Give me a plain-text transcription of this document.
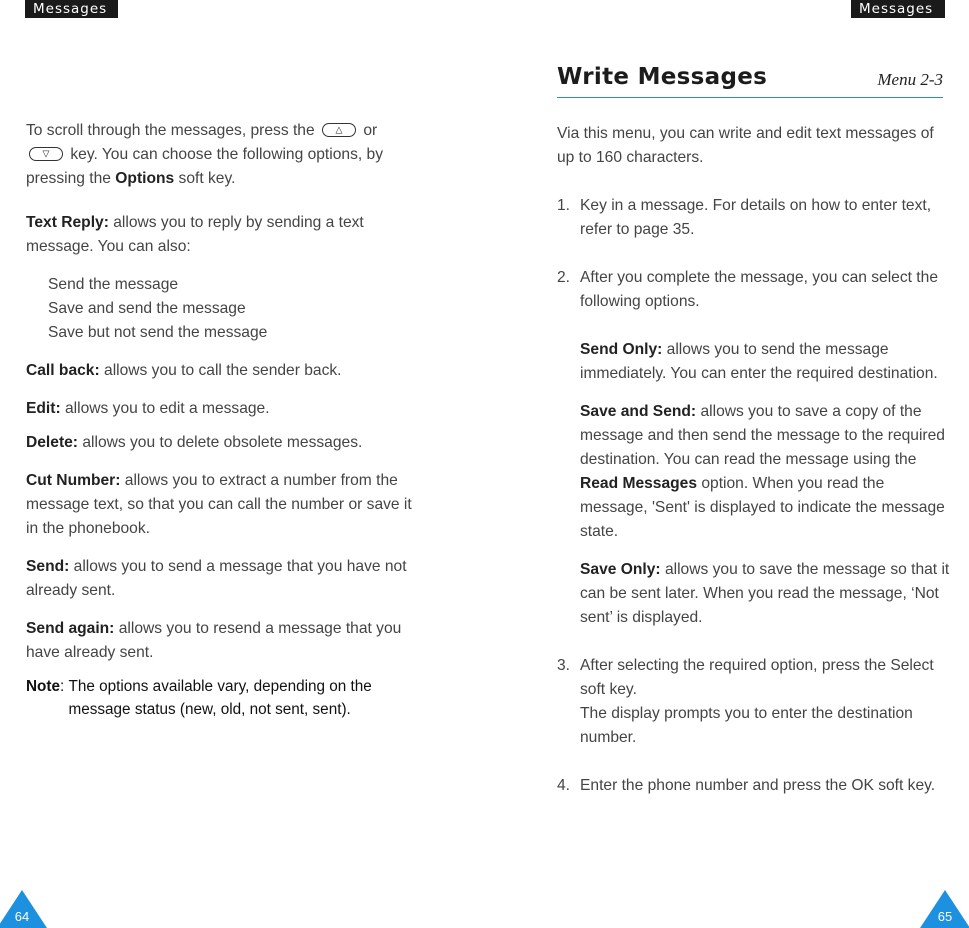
Messages	Messages

To scroll through the messages, press the △ or

▽ key. You can choose the following options, by pressing the Options soft key.

Text Reply: allows you to reply by sending a text message. You can also:

Send the message

Save and send the message

Save but not send the message

Call back: allows you to call the sender back.

Edit: allows you to edit a message.

Delete: allows you to delete obsolete messages.

Cut Number: allows you to extract a number from the message text, so that you can call the number or save it in the phonebook.

Send: allows you to send a message that you have not already sent.

Send again: allows you to resend a message that you have already sent.

Note : The options available vary, depending on the message status (new, old, not sent, sent).
Write Messages	Menu 2-3

Via this menu, you can write and edit text messages of up to 160 characters.

1. Key in a message. For details on how to enter text, refer to page 35.
2. After you complete the message, you can select the following options.

Send Only: allows you to send the message immediately. You can enter the required destination.

Save and Send: allows you to save a copy of the message and then send the message to the required destination. You can read the message using the Read Messages option. When you read the message, 'Sent' is displayed to indicate the message state.

Save Only: allows you to save the message so that it can be sent later. When you read the message, ‘Not sent’ is displayed.

3. After selecting the required option, press the Select soft key.
The display prompts you to enter the destination number.
4. Enter the phone number and press the OK soft key.
64	65
